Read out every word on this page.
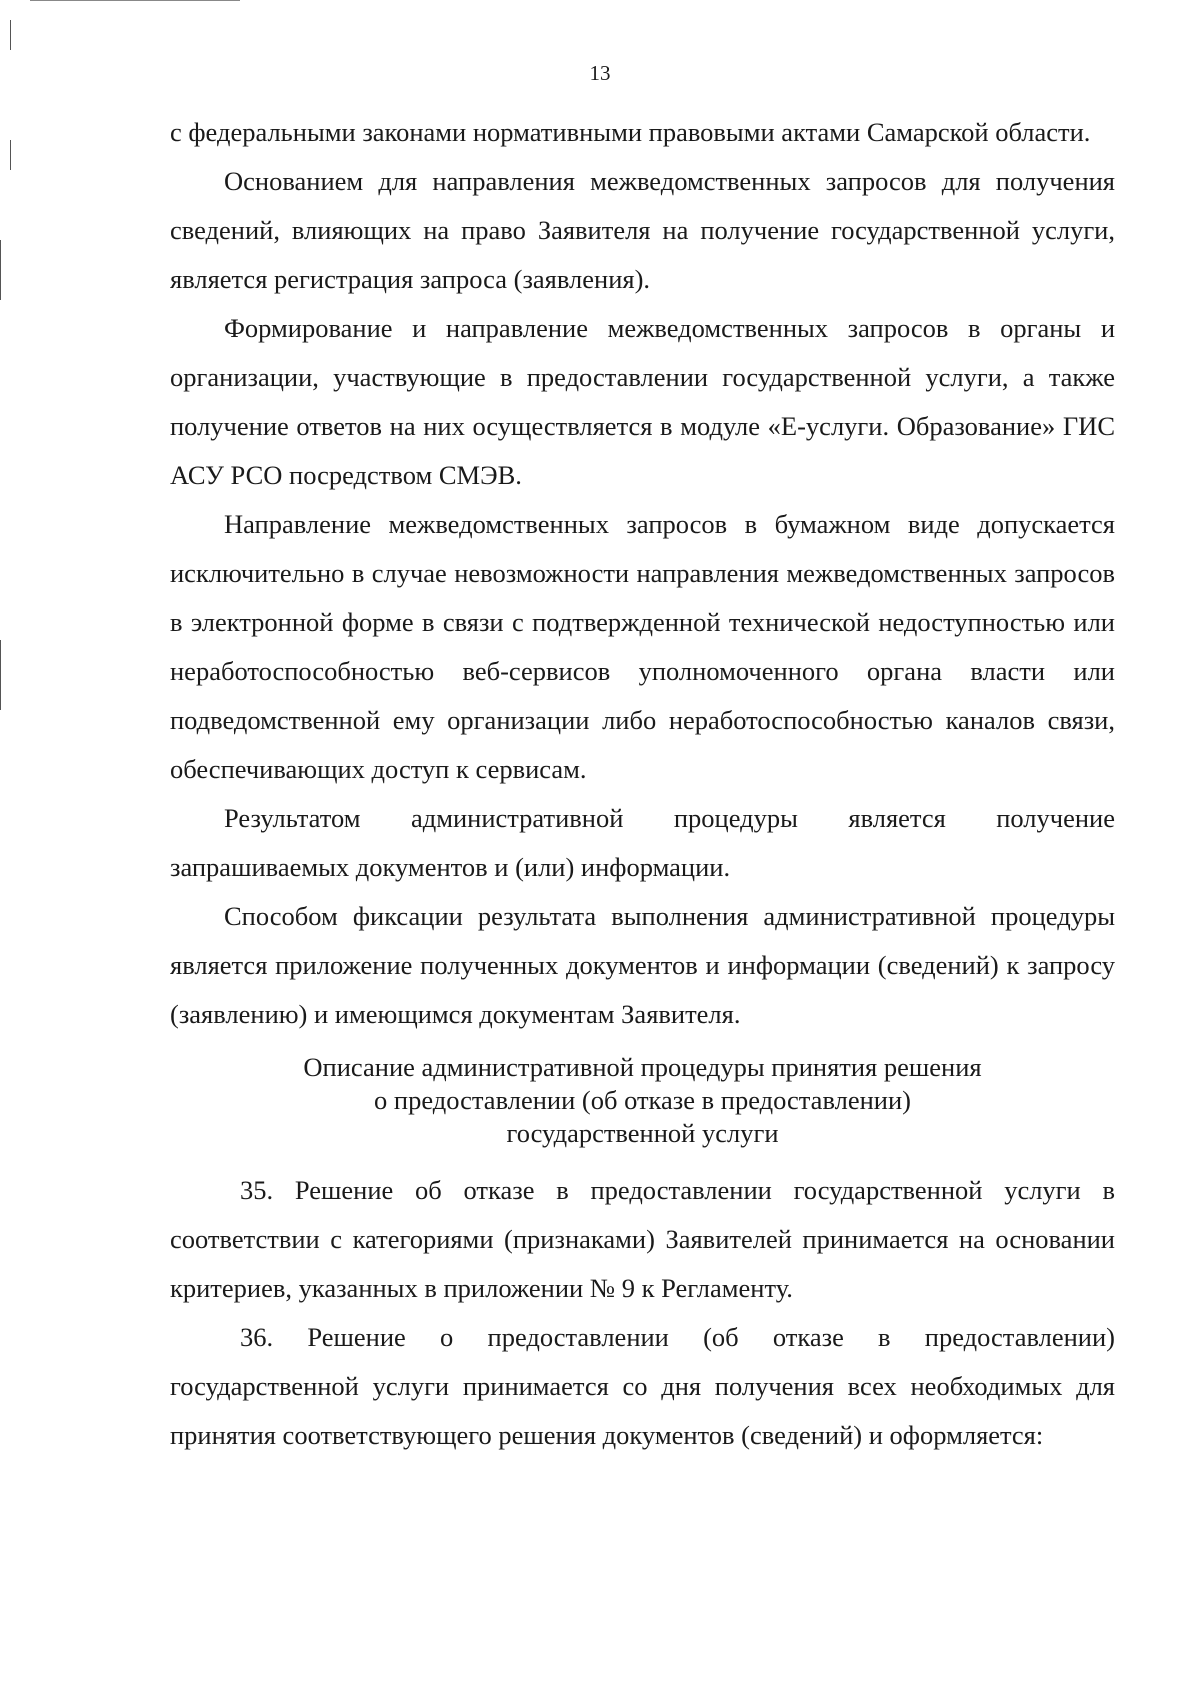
13

с федеральными законами нормативными правовыми актами Самарской области.

Основанием для направления межведомственных запросов для получения сведений, влияющих на право Заявителя на получение государственной услуги, является регистрация запроса (заявления).

Формирование и направление межведомственных запросов в органы и организации, участвующие в предоставлении государственной услуги, а также получение ответов на них осуществляется в модуле «Е-услуги. Образование» ГИС АСУ РСО посредством СМЭВ.

Направление межведомственных запросов в бумажном виде допускается исключительно в случае невозможности направления межведомственных запросов в электронной форме в связи с подтвержденной технической недоступностью или неработоспособностью веб-сервисов уполномоченного органа власти или подведомственной ему организации либо неработоспособностью каналов связи, обеспечивающих доступ к сервисам.

Результатом административной процедуры является получение запрашиваемых документов и (или) информации.

Способом фиксации результата выполнения административной процедуры является приложение полученных документов и информации (сведений) к запросу (заявлению) и имеющимся документам Заявителя.

Описание административной процедуры принятия решения
о предоставлении (об отказе в предоставлении)
государственной услуги

35. Решение об отказе в предоставлении государственной услуги в соответствии с категориями (признаками) Заявителей принимается на основании критериев, указанных в приложении № 9 к Регламенту.

36. Решение о предоставлении (об отказе в предоставлении) государственной услуги принимается со дня получения всех необходимых для принятия соответствующего решения документов (сведений) и оформляется:
